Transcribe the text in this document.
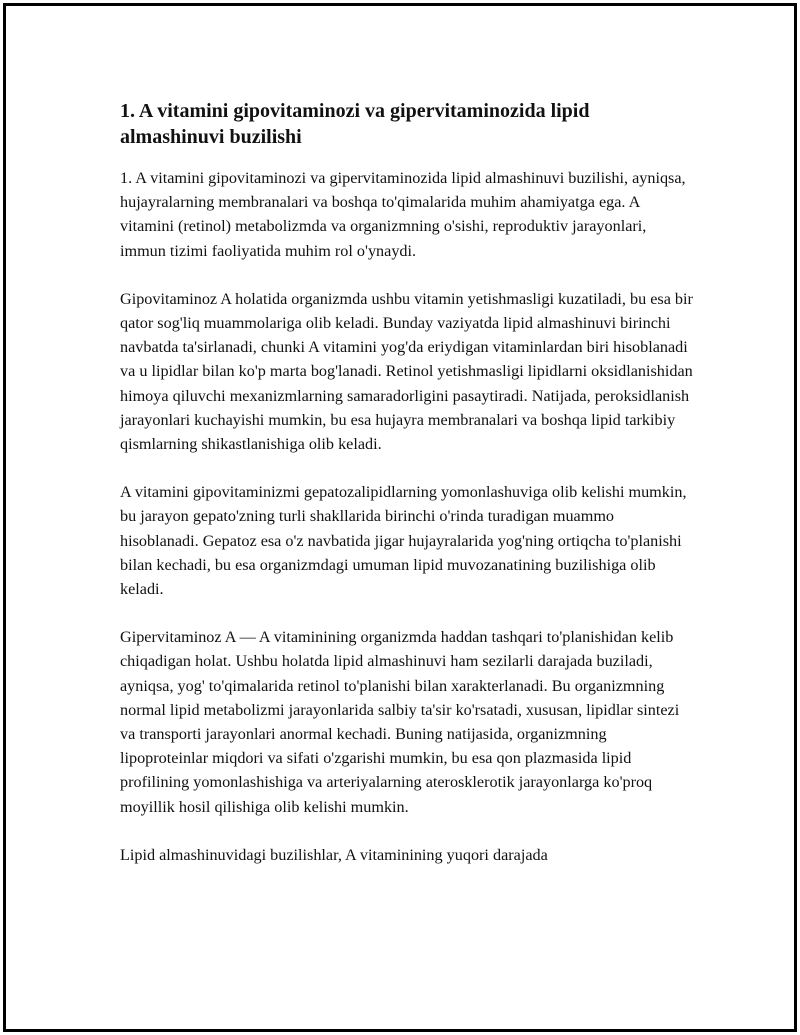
1. A vitamini gipovitaminozi va gipervitaminozida lipid almashinuvi buzilishi

1. A vitamini gipovitaminozi va gipervitaminozida lipid almashinuvi buzilishi, ayniqsa, hujayralarning membranalari va boshqa to'qimalarida muhim ahamiyatga ega. A vitamini (retinol) metabolizmda va organizmning o'sishi, reproduktiv jarayonlari, immun tizimi faoliyatida muhim rol o'ynaydi.

Gipovitaminoz A holatida organizmda ushbu vitamin yetishmasligi kuzatiladi, bu esa bir qator sog'liq muammolariga olib keladi. Bunday vaziyatda lipid almashinuvi birinchi navbatda ta'sirlanadi, chunki A vitamini yog'da eriydigan vitaminlardan biri hisoblanadi va u lipidlar bilan ko'p marta bog'lanadi. Retinol yetishmasligi lipidlarni oksidlanishidan himoya qiluvchi mexanizmlarning samaradorligini pasaytiradi. Natijada, peroksidlanish jarayonlari kuchayishi mumkin, bu esa hujayra membranalari va boshqa lipid tarkibiy qismlarning shikastlanishiga olib keladi.

A vitamini gipovitaminizmi gepatozalipidlarning yomonlashuviga olib kelishi mumkin, bu jarayon gepato'zning turli shakllarida birinchi o'rinda turadigan muammo hisoblanadi. Gepatoz esa o'z navbatida jigar hujayralarida yog'ning ortiqcha to'planishi bilan kechadi, bu esa organizmdagi umuman lipid muvozanatining buzilishiga olib keladi.

Gipervitaminoz A — A vitaminining organizmda haddan tashqari to'planishidan kelib chiqadigan holat. Ushbu holatda lipid almashinuvi ham sezilarli darajada buziladi, ayniqsa, yog' to'qimalarida retinol to'planishi bilan xarakterlanadi. Bu organizmning normal lipid metabolizmi jarayonlarida salbiy ta'sir ko'rsatadi, xususan, lipidlar sintezi va transporti jarayonlari anormal kechadi. Buning natijasida, organizmning lipoproteinlar miqdori va sifati o'zgarishi mumkin, bu esa qon plazmasida lipid profilining yomonlashishiga va arteriyalarning aterosklerotik jarayonlarga ko'proq moyillik hosil qilishiga olib kelishi mumkin.

Lipid almashinuvidagi buzilishlar, A vitaminining yuqori darajada
